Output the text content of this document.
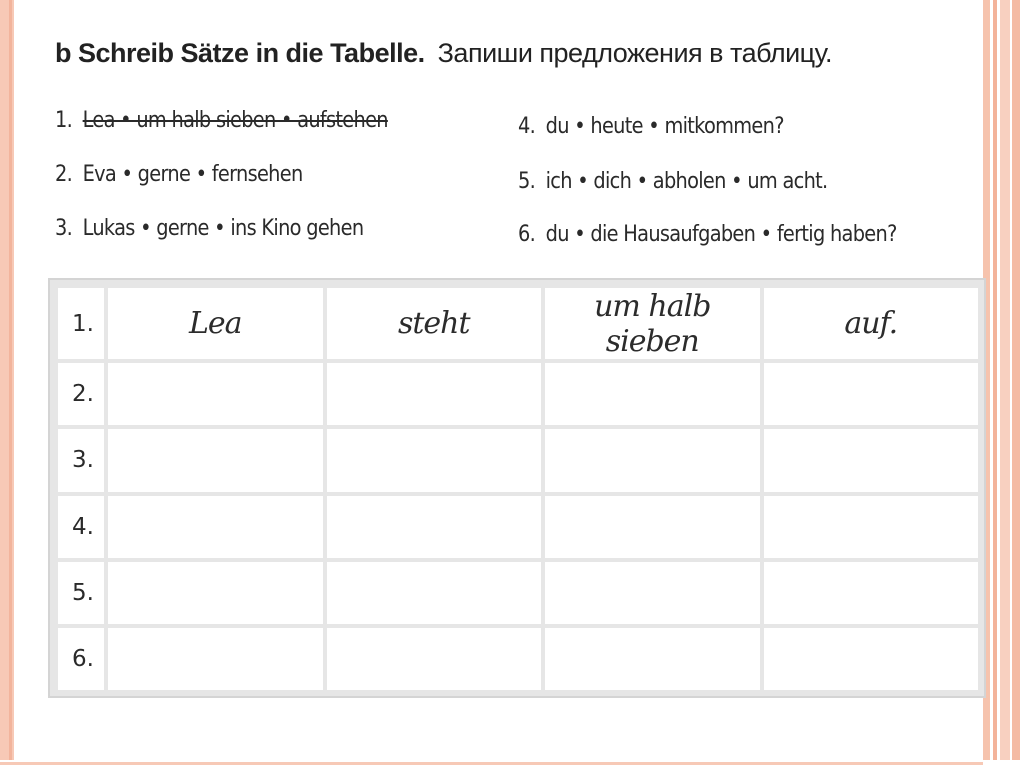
b Schreib Sätze in die Tabelle. Запиши предложения в таблицу.
1. Lea • um halb sieben • aufstehen
2. Eva • gerne • fernsehen
3. Lukas • gerne • ins Kino gehen
4. du • heute • mitkommen?
5. ich • dich • abholen • um acht.
6. du • die Hausaufgaben • fertig haben?
1.	Lea	steht	um halb sieben	auf.
2.				
3.				
4.				
5.				
6.				
